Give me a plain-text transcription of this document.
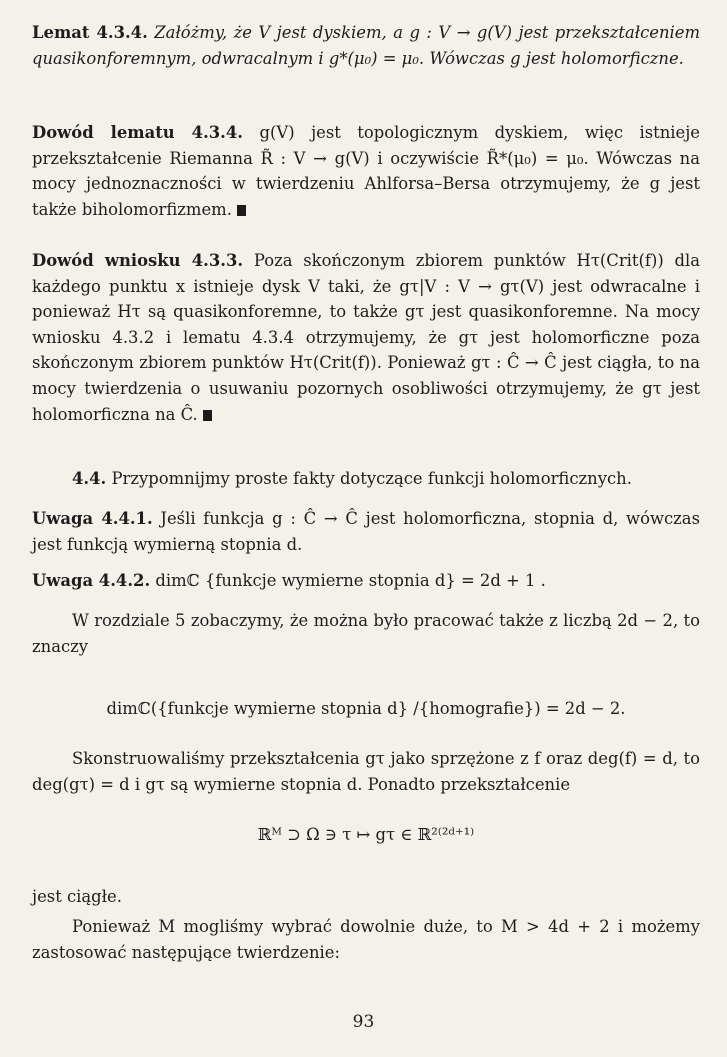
Lemat 4.3.4. Załóżmy, że V jest dyskiem, a g : V → g(V) jest przekształceniem quasikonforemnym, odwracalnym i g*(μ₀) = μ₀. Wówczas g jest holomorficzne.

Dowód lematu 4.3.4. g(V) jest topologicznym dyskiem, więc istnieje przekształcenie Riemanna R̃ : V → g(V) i oczywiście R̃*(μ₀) = μ₀. Wówczas na mocy jednoznaczności w twierdzeniu Ahlforsa–Bersa otrzymujemy, że g jest także biholomorfizmem.

Dowód wniosku 4.3.3. Poza skończonym zbiorem punktów Hτ(Crit(f)) dla każdego punktu x istnieje dysk V taki, że gτ|V : V → gτ(V) jest odwracalne i ponieważ Hτ są quasikonforemne, to także gτ jest quasikonforemne. Na mocy wniosku 4.3.2 i lematu 4.3.4 otrzymujemy, że gτ jest holomorficzne poza skończonym zbiorem punktów Hτ(Crit(f)). Ponieważ gτ : Ĉ → Ĉ jest ciągła, to na mocy twierdzenia o usuwaniu pozornych osobliwości otrzymujemy, że gτ jest holomorficzna na Ĉ.

4.4. Przypomnijmy proste fakty dotyczące funkcji holomorficznych.

Uwaga 4.4.1. Jeśli funkcja g : Ĉ → Ĉ jest holomorficzna, stopnia d, wówczas jest funkcją wymierną stopnia d.

Uwaga 4.4.2. dimℂ {funkcje wymierne stopnia d} = 2d + 1 .

W rozdziale 5 zobaczymy, że można było pracować także z liczbą 2d − 2, to znaczy

dimℂ({funkcje wymierne stopnia d} /{homografie}) = 2d − 2.

Skonstruowaliśmy przekształcenia gτ jako sprzężone z f oraz deg(f) = d, to deg(gτ) = d i gτ są wymierne stopnia d. Ponadto przekształcenie

ℝᴹ ⊃ Ω ∋ τ ↦ gτ ∈ ℝ²⁽²ᵈ⁺¹⁾

jest ciągłe.

Ponieważ M mogliśmy wybrać dowolnie duże, to M > 4d + 2 i możemy zastosować następujące twierdzenie:

93
